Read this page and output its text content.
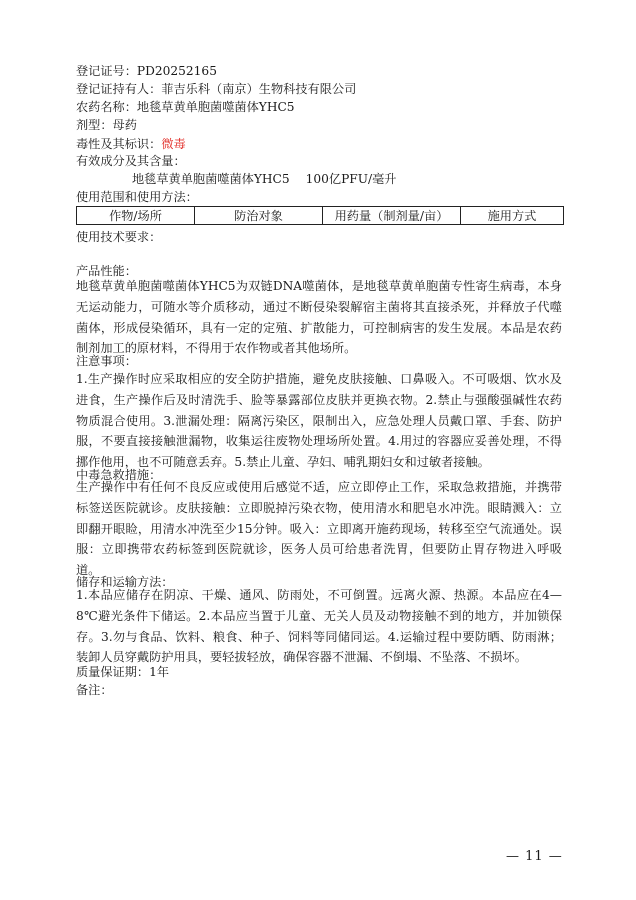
登记证号：PD20252165
登记证持有人：菲吉乐科（南京）生物科技有限公司
农药名称：地毯草黄单胞菌噬菌体YHC5
剂型：母药
毒性及其标识：微毒
有效成分及其含量：
地毯草黄单胞菌噬菌体YHC5 100亿PFU/毫升
使用范围和使用方法：
作物/场所	防治对象	用药量（制剂量/亩）	施用方式
使用技术要求：
产品性能：
地毯草黄单胞菌噬菌体YHC5为双链DNA噬菌体，是地毯草黄单胞菌专性寄生病毒，本身无运动能力，可随水等介质移动，通过不断侵染裂解宿主菌将其直接杀死，并释放子代噬菌体，形成侵染循环，具有一定的定殖、扩散能力，可控制病害的发生发展。本品是农药制剂加工的原材料，不得用于农作物或者其他场所。
注意事项：
1.生产操作时应采取相应的安全防护措施，避免皮肤接触、口鼻吸入。不可吸烟、饮水及进食，生产操作后及时清洗手、脸等暴露部位皮肤并更换衣物。2.禁止与强酸强碱性农药物质混合使用。3.泄漏处理：隔离污染区，限制出入，应急处理人员戴口罩、手套、防护服，不要直接接触泄漏物，收集运往废物处理场所处置。4.用过的容器应妥善处理，不得挪作他用，也不可随意丢弃。5.禁止儿童、孕妇、哺乳期妇女和过敏者接触。
中毒急救措施：
生产操作中有任何不良反应或使用后感觉不适，应立即停止工作，采取急救措施，并携带标签送医院就诊。皮肤接触：立即脱掉污染衣物，使用清水和肥皂水冲洗。眼睛溅入：立即翻开眼睑，用清水冲洗至少15分钟。吸入：立即离开施药现场，转移至空气流通处。误服：立即携带农药标签到医院就诊，医务人员可给患者洗胃，但要防止胃存物进入呼吸道。
储存和运输方法：
1.本品应储存在阴凉、干燥、通风、防雨处，不可倒置。远离火源、热源。本品应在4—8℃避光条件下储运。2.本品应当置于儿童、无关人员及动物接触不到的地方，并加锁保存。3.勿与食品、饮料、粮食、种子、饲料等同储同运。4.运输过程中要防晒、防雨淋；装卸人员穿戴防护用具，要轻拔轻放，确保容器不泄漏、不倒塌、不坠落、不损坏。
质量保证期：1年
备注：
— 11 —
